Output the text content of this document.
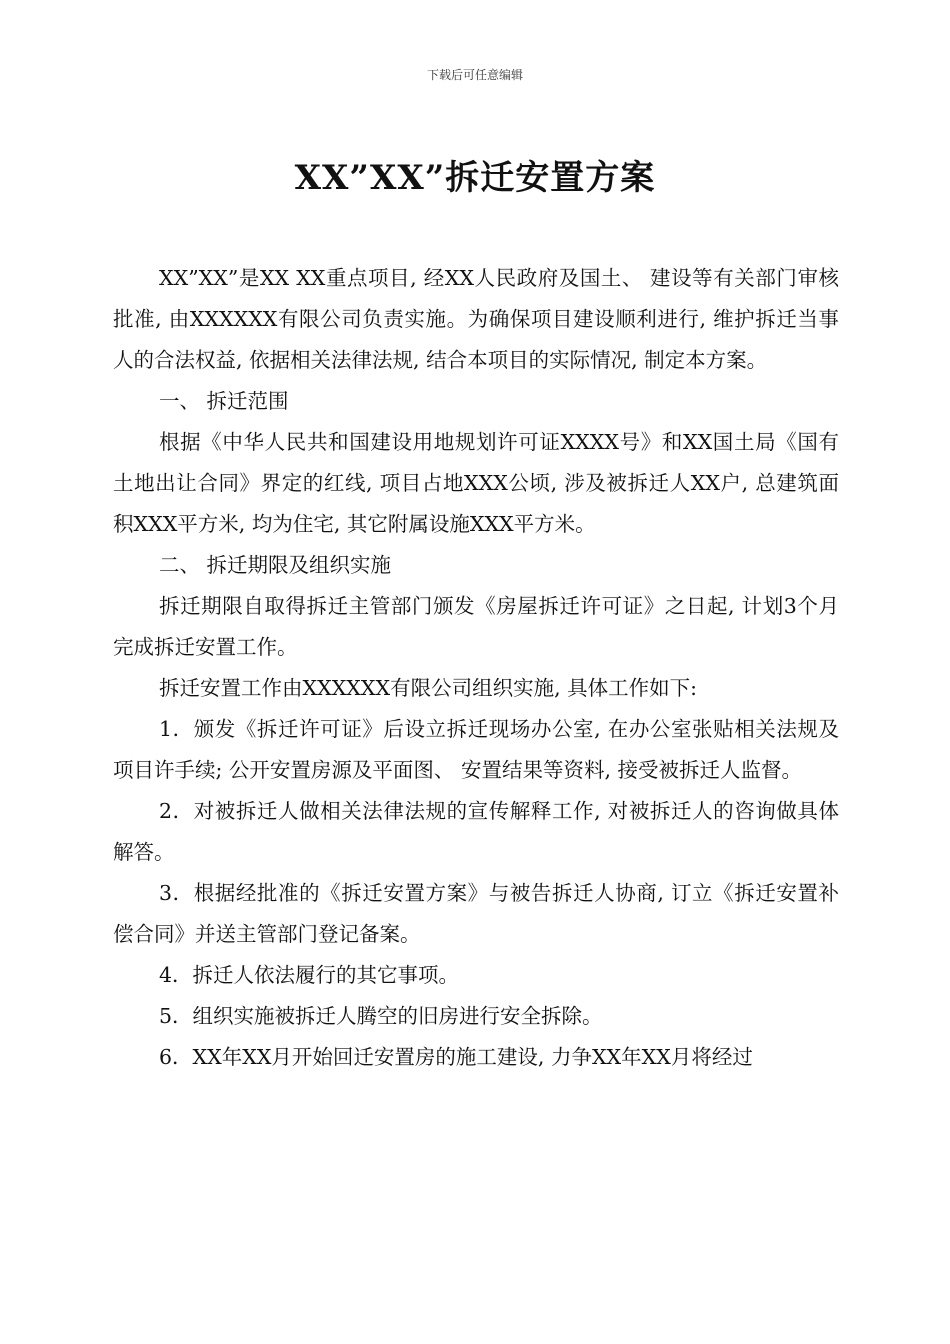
下载后可任意编辑
XX”XX”拆迁安置方案

XX”XX”是XX XX重点项目, 经XX人民政府及国土、 建设等有关部门审核批准, 由XXXXXX有限公司负责实施。为确保项目建设顺利进行, 维护拆迁当事人的合法权益, 依据相关法律法规, 结合本项目的实际情况, 制定本方案。

一、 拆迁范围

根据《中华人民共和国建设用地规划许可证XXXX号》和XX国土局《国有土地出让合同》界定的红线, 项目占地XXX公顷, 涉及被拆迁人XX户, 总建筑面积XXX平方米, 均为住宅, 其它附属设施XXX平方米。

二、 拆迁期限及组织实施

拆迁期限自取得拆迁主管部门颁发《房屋拆迁许可证》之日起, 计划3个月完成拆迁安置工作。

拆迁安置工作由XXXXXX有限公司组织实施, 具体工作如下:

1．颁发《拆迁许可证》后设立拆迁现场办公室, 在办公室张贴相关法规及项目许手续; 公开安置房源及平面图、 安置结果等资料, 接受被拆迁人监督。

2．对被拆迁人做相关法律法规的宣传解释工作, 对被拆迁人的咨询做具体解答。

3．根据经批准的《拆迁安置方案》与被告拆迁人协商, 订立《拆迁安置补偿合同》并送主管部门登记备案。

4．拆迁人依法履行的其它事项。

5．组织实施被拆迁人腾空的旧房进行安全拆除。

6．XX年XX月开始回迁安置房的施工建设, 力争XX年XX月将经过
